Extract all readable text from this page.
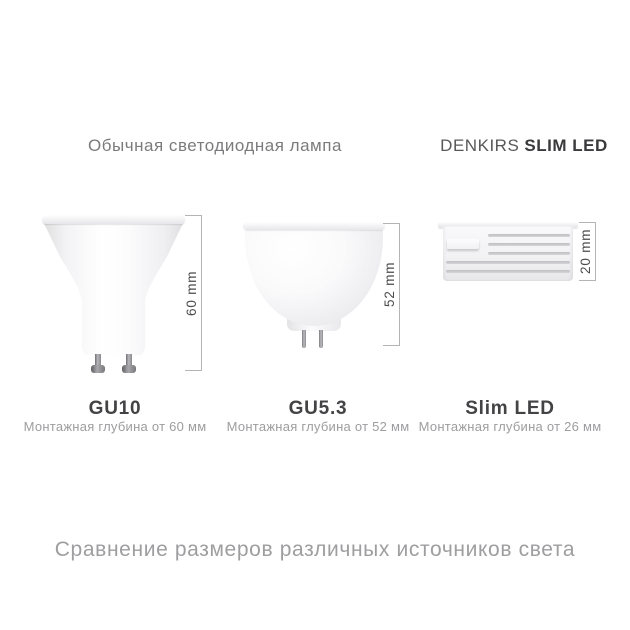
Обычная светодиодная лампа	DENKIRS SLIM LED
60 mm	52 mm
20 mm
GU10
Монтажная глубина от 60 мм
GU5.3
Монтажная глубина от 52 мм
Slim LED
Монтажная глубина от 26 мм
Сравнение размеров различных источников света
